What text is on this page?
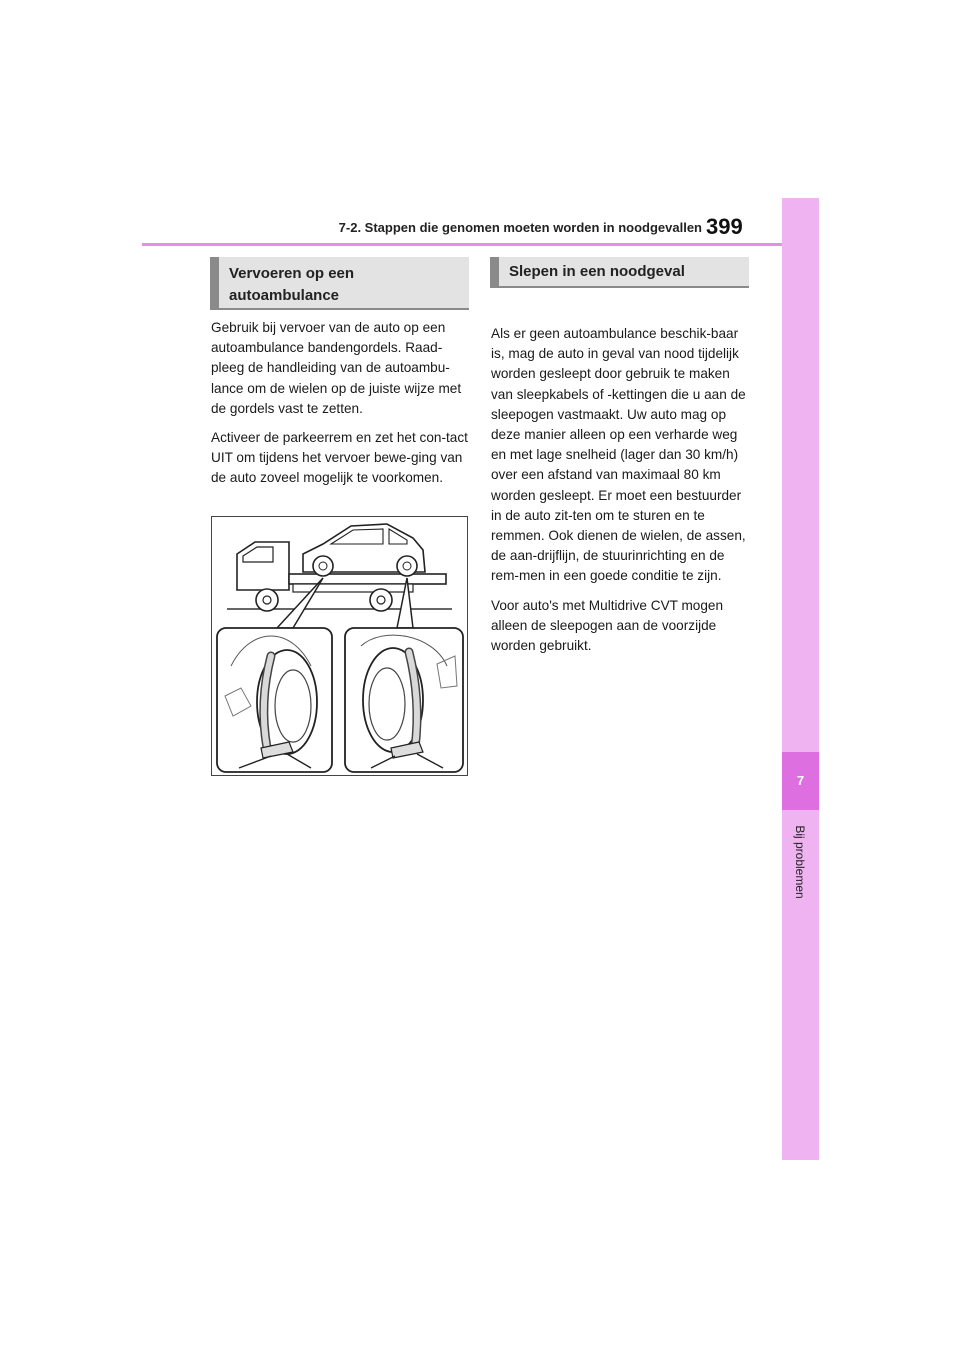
7-2. Stappen die genomen moeten worden in noodgevallen 399
7
Bij problemen
Vervoeren op een
autoambulance

Gebruik bij vervoer van de auto op een autoambulance bandengordels. Raad-pleeg de handleiding van de autoambu-lance om de wielen op de juiste wijze met de gordels vast te zetten.

Activeer de parkeerrem en zet het con-tact UIT om tijdens het vervoer bewe-ging van de auto zoveel mogelijk te voorkomen.

Slepen in een noodgeval

Als er geen autoambulance beschik-baar is, mag de auto in geval van nood tijdelijk worden gesleept door gebruik te maken van sleepkabels of -kettingen die u aan de sleepogen vastmaakt. Uw auto mag op deze manier alleen op een verharde weg en met lage snelheid (lager dan 30 km/h) over een afstand van maximaal 80 km worden gesleept. Er moet een bestuurder in de auto zit-ten om te sturen en te remmen. Ook dienen de wielen, de assen, de aan-drijflijn, de stuurinrichting en de rem-men in een goede conditie te zijn.

Voor auto's met Multidrive CVT mogen alleen de sleepogen aan de voorzijde worden gebruikt.
